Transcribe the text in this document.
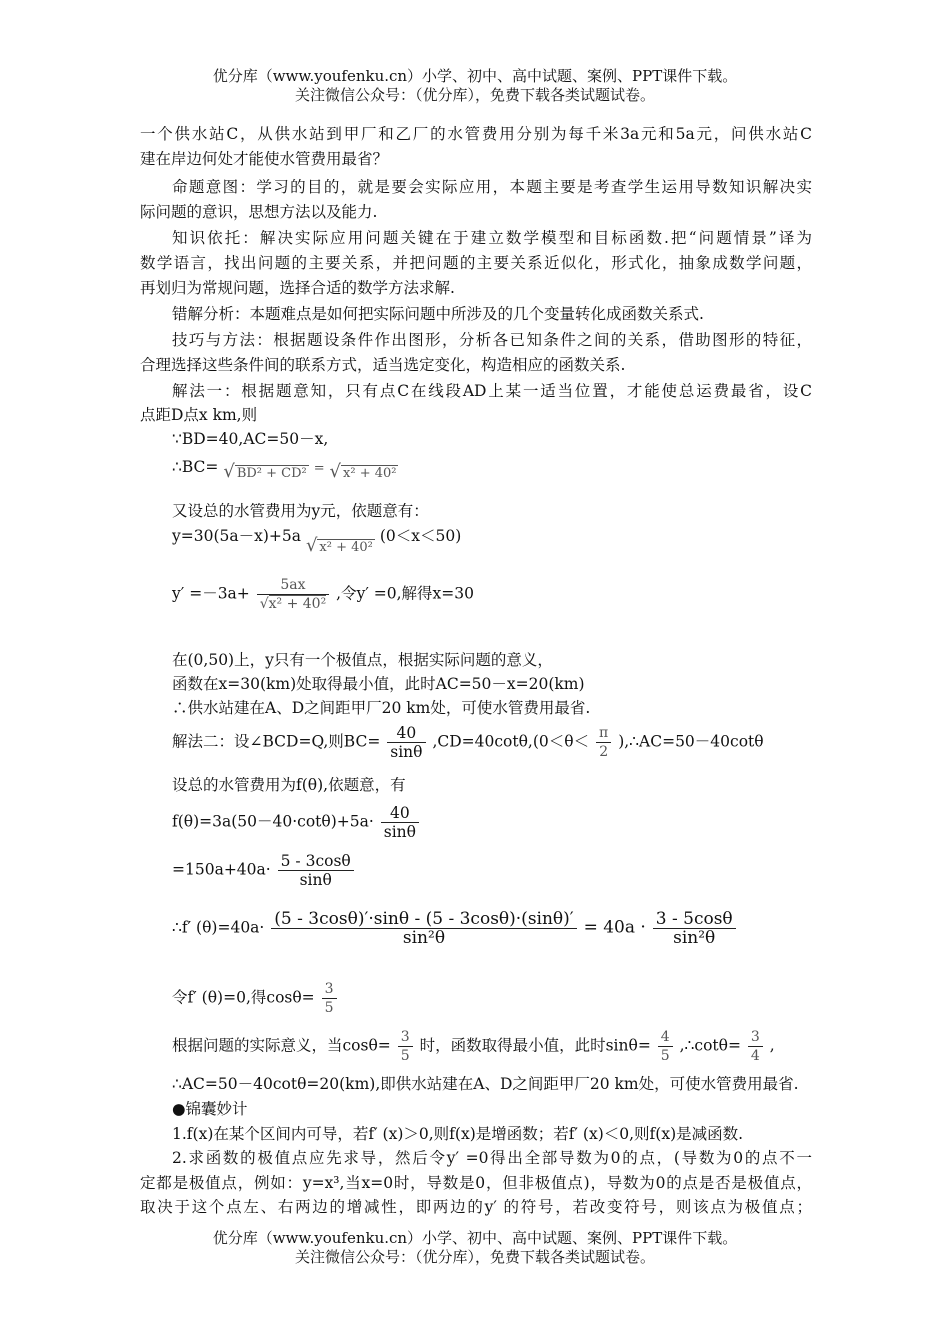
优分库（www.youfenku.cn）小学、初中、高中试题、案例、PPT课件下载。
关注微信公众号：（优分库），免费下载各类试题试卷。
一个供水站C，从供水站到甲厂和乙厂的水管费用分别为每千米3a元和5a元，问供水站C
建在岸边何处才能使水管费用最省？
命题意图：学习的目的，就是要会实际应用，本题主要是考查学生运用导数知识解决实
际问题的意识，思想方法以及能力.
知识依托：解决实际应用问题关键在于建立数学模型和目标函数.把“问题情景”译为
数学语言，找出问题的主要关系，并把问题的主要关系近似化，形式化，抽象成数学问题，
再划归为常规问题，选择合适的数学方法求解.
错解分析：本题难点是如何把实际问题中所涉及的几个变量转化成函数关系式.
技巧与方法：根据题设条件作出图形，分析各已知条件之间的关系，借助图形的特征，
合理选择这些条件间的联系方式，适当选定变化，构造相应的函数关系.
解法一：根据题意知，只有点C在线段AD上某一适当位置，才能使总运费最省，设C
点距D点x km,则
∵BD=40,AC=50－x,
∴BC= √ BD² + CD² = √ x² + 40²
又设总的水管费用为y元，依题意有：
y=30(5a－x)+5a √ x² + 40² (0＜x＜50)
$y' =-3a+ \frac{5ax}{\text{√x² + 40²}}$ ,令y′ =0,解得x=30
在(0,50)上，y只有一个极值点，根据实际问题的意义，
函数在x=30(km)处取得最小值，此时AC=50－x=20(km)
∴供水站建在A、D之间距甲厂20 km处，可使水管费用最省.
解法二：设∠BCD=Q,则$BC= \frac{40}{\sin\theta} ,CD=40\cot\theta,(0<\theta< \frac{\pi}{2}$ ),∴AC=50－40cotθ
设总的水管费用为f(θ),依题意，有
$f(\theta)=3a(50-40\cdot\cot\theta)+5a\cdot \frac{40}{\sin\theta}$
$=150a+40a\cdot \frac{5 - 3\cos\theta}{\sin\theta}$
∴f′ $(\theta)=40a\cdot \frac{(5 - 3\cos\theta)'\cdot\sin\theta - (5 - 3\cos\theta)\cdot(\sin\theta)'}{\text{sin²θ}} = 40a \cdot \frac{3 - 5\cos\theta}{\text{sin²θ}}$
令f′ (θ)=0,得$\cos\theta= \frac{3}{5}$
根据问题的实际意义，当$\cos\theta= \frac{3}{5}$ 时，函数取得最小值，此时$\sin\theta= \frac{4}{5}$ ,∴cotθ= $\frac{3}{4}$ ,
∴AC=50－40cotθ=20(km),即供水站建在A、D之间距甲厂20 km处，可使水管费用最省.
●锦囊妙计
1.f(x)在某个区间内可导，若f′ (x)＞0,则f(x)是增函数；若f′ (x)＜0,则f(x)是减函数.
2.求函数的极值点应先求导，然后令y′ =0得出全部导数为0的点，(导数为0的点不一
定都是极值点，例如：y=x³,当x=0时，导数是0，但非极值点)，导数为0的点是否是极值点，
取决于这个点左、右两边的增减性，即两边的y′ 的符号，若改变符号，则该点为极值点；
优分库（www.youfenku.cn）小学、初中、高中试题、案例、PPT课件下载。
关注微信公众号：（优分库），免费下载各类试题试卷。
